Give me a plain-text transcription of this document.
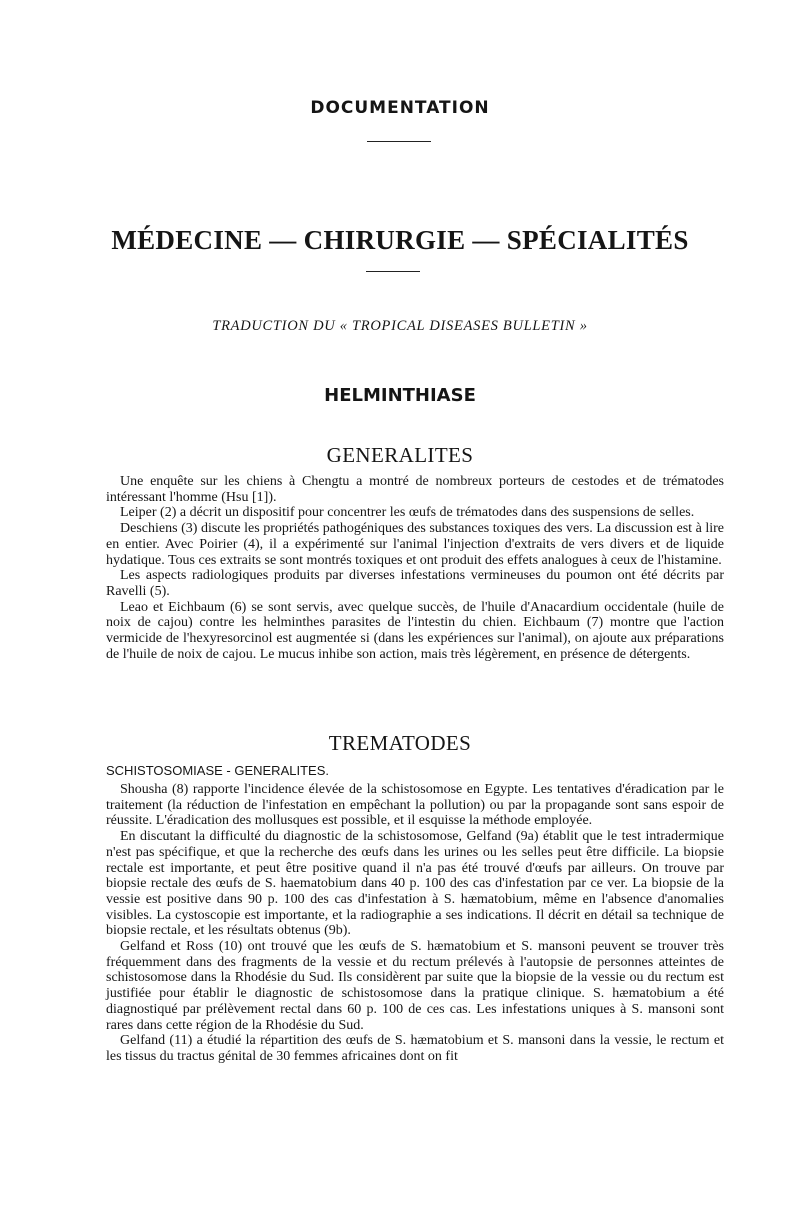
DOCUMENTATION
MÉDECINE — CHIRURGIE — SPÉCIALITÉS
TRADUCTION DU « TROPICAL DISEASES BULLETIN »
HELMINTHIASE
GENERALITES

Une enquête sur les chiens à Chengtu a montré de nombreux porteurs de cestodes et de trématodes intéressant l'homme (Hsu [1]).

Leiper (2) a décrit un dispositif pour concentrer les œufs de trématodes dans des suspensions de selles.

Deschiens (3) discute les propriétés pathogéniques des substances toxiques des vers. La discussion est à lire en entier. Avec Poirier (4), il a expérimenté sur l'animal l'injection d'extraits de vers divers et de liquide hydatique. Tous ces extraits se sont montrés toxiques et ont produit des effets analogues à ceux de l'histamine.

Les aspects radiologiques produits par diverses infestations vermineuses du poumon ont été décrits par Ravelli (5).

Leao et Eichbaum (6) se sont servis, avec quelque succès, de l'huile d'Anacardium occidentale (huile de noix de cajou) contre les helminthes parasites de l'intestin du chien. Eichbaum (7) montre que l'action vermicide de l'hexyresorcinol est augmentée si (dans les expériences sur l'animal), on ajoute aux préparations de l'huile de noix de cajou. Le mucus inhibe son action, mais très légèrement, en présence de détergents.

TREMATODES
SCHISTOSOMIASE - GENERALITES.

Shousha (8) rapporte l'incidence élevée de la schistosomose en Egypte. Les tentatives d'éradication par le traitement (la réduction de l'infestation en empêchant la pollution) ou par la propagande sont sans espoir de réussite. L'éradication des mollusques est possible, et il esquisse la méthode employée.

En discutant la difficulté du diagnostic de la schistosomose, Gelfand (9a) établit que le test intradermique n'est pas spécifique, et que la recherche des œufs dans les urines ou les selles peut être difficile. La biopsie rectale est importante, et peut être positive quand il n'a pas été trouvé d'œufs par ailleurs. On trouve par biopsie rectale des œufs de S. haematobium dans 40 p. 100 des cas d'infestation par ce ver. La biopsie de la vessie est positive dans 90 p. 100 des cas d'infestation à S. hæmatobium, même en l'absence d'anomalies visibles. La cystoscopie est importante, et la radiographie a ses indications. Il décrit en détail sa technique de biopsie rectale, et les résultats obtenus (9b).

Gelfand et Ross (10) ont trouvé que les œufs de S. hæmatobium et S. mansoni peuvent se trouver très fréquemment dans des fragments de la vessie et du rectum prélevés à l'autopsie de personnes atteintes de schistosomose dans la Rhodésie du Sud. Ils considèrent par suite que la biopsie de la vessie ou du rectum est justifiée pour établir le diagnostic de schistosomose dans la pratique clinique. S. hæmatobium a été diagnostiqué par prélèvement rectal dans 60 p. 100 de ces cas. Les infestations uniques à S. mansoni sont rares dans cette région de la Rhodésie du Sud.

Gelfand (11) a étudié la répartition des œufs de S. hæmatobium et S. mansoni dans la vessie, le rectum et les tissus du tractus génital de 30 femmes africaines dont on fit
